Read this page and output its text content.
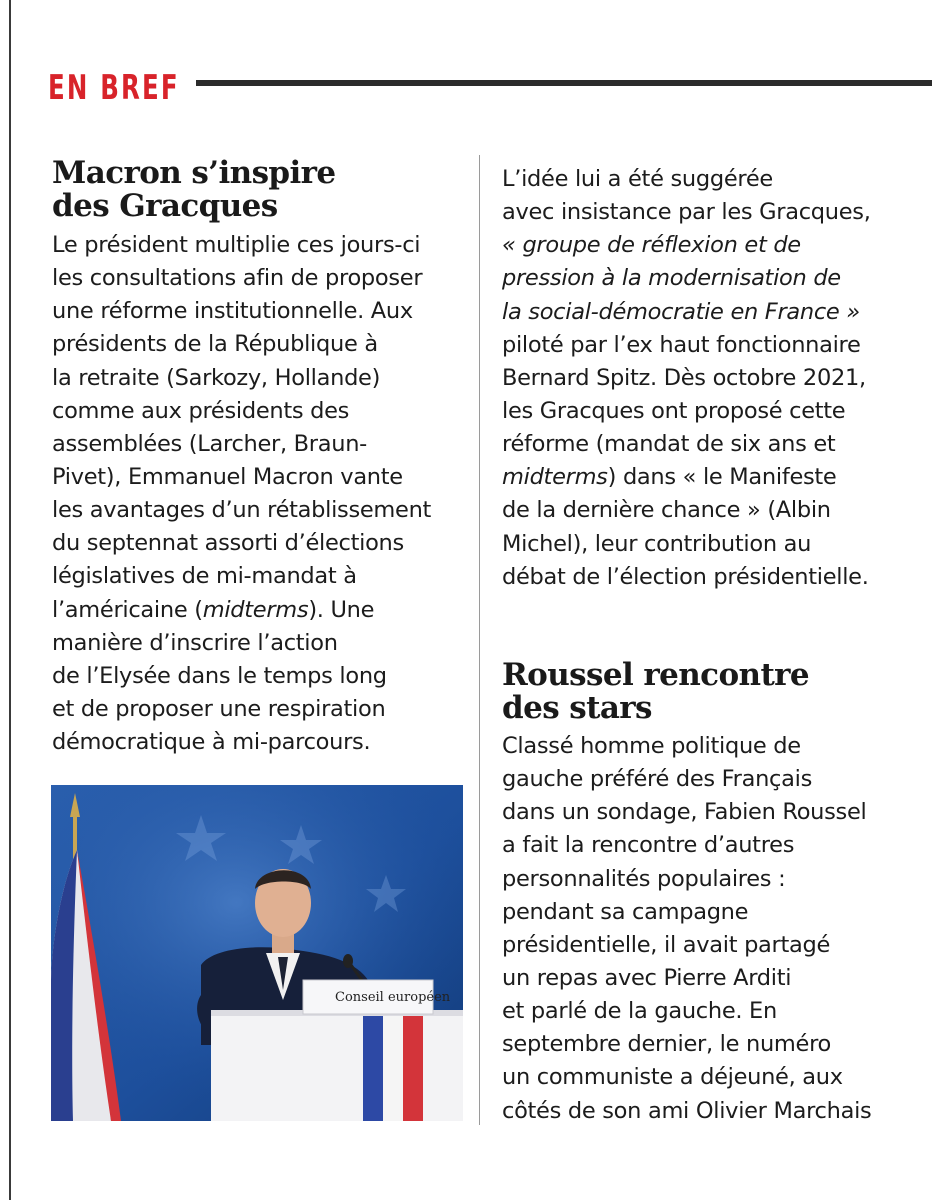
EN BREF
Macron s’inspire
des Gracques
Le président multiplie ces jours-ci
les consultations afin de proposer
une réforme institutionnelle. Aux
présidents de la République à
la retraite (Sarkozy, Hollande)
comme aux présidents des
assemblées (Larcher, Braun-
Pivet), Emmanuel Macron vante
les avantages d’un rétablissement
du septennat assorti d’élections
législatives de mi-mandat à
l’américaine (midterms). Une
manière d’inscrire l’action
de l’Elysée dans le temps long
et de proposer une respiration
démocratique à mi-parcours.
L’idée lui a été suggérée
avec insistance par les Gracques,
« groupe de réflexion et de
pression à la modernisation de
la social-démocratie en France »
piloté par l’ex haut fonctionnaire
Bernard Spitz. Dès octobre 2021,
les Gracques ont proposé cette
réforme (mandat de six ans et
midterms) dans « le Manifeste
de la dernière chance » (Albin
Michel), leur contribution au
débat de l’élection présidentielle.
Conseil européen
Roussel rencontre
des stars
Classé homme politique de
gauche préféré des Français
dans un sondage, Fabien Roussel
a fait la rencontre d’autres
personnalités populaires :
pendant sa campagne
présidentielle, il avait partagé
un repas avec Pierre Arditi
et parlé de la gauche. En
septembre dernier, le numéro
un communiste a déjeuné, aux
côtés de son ami Olivier Marchais
